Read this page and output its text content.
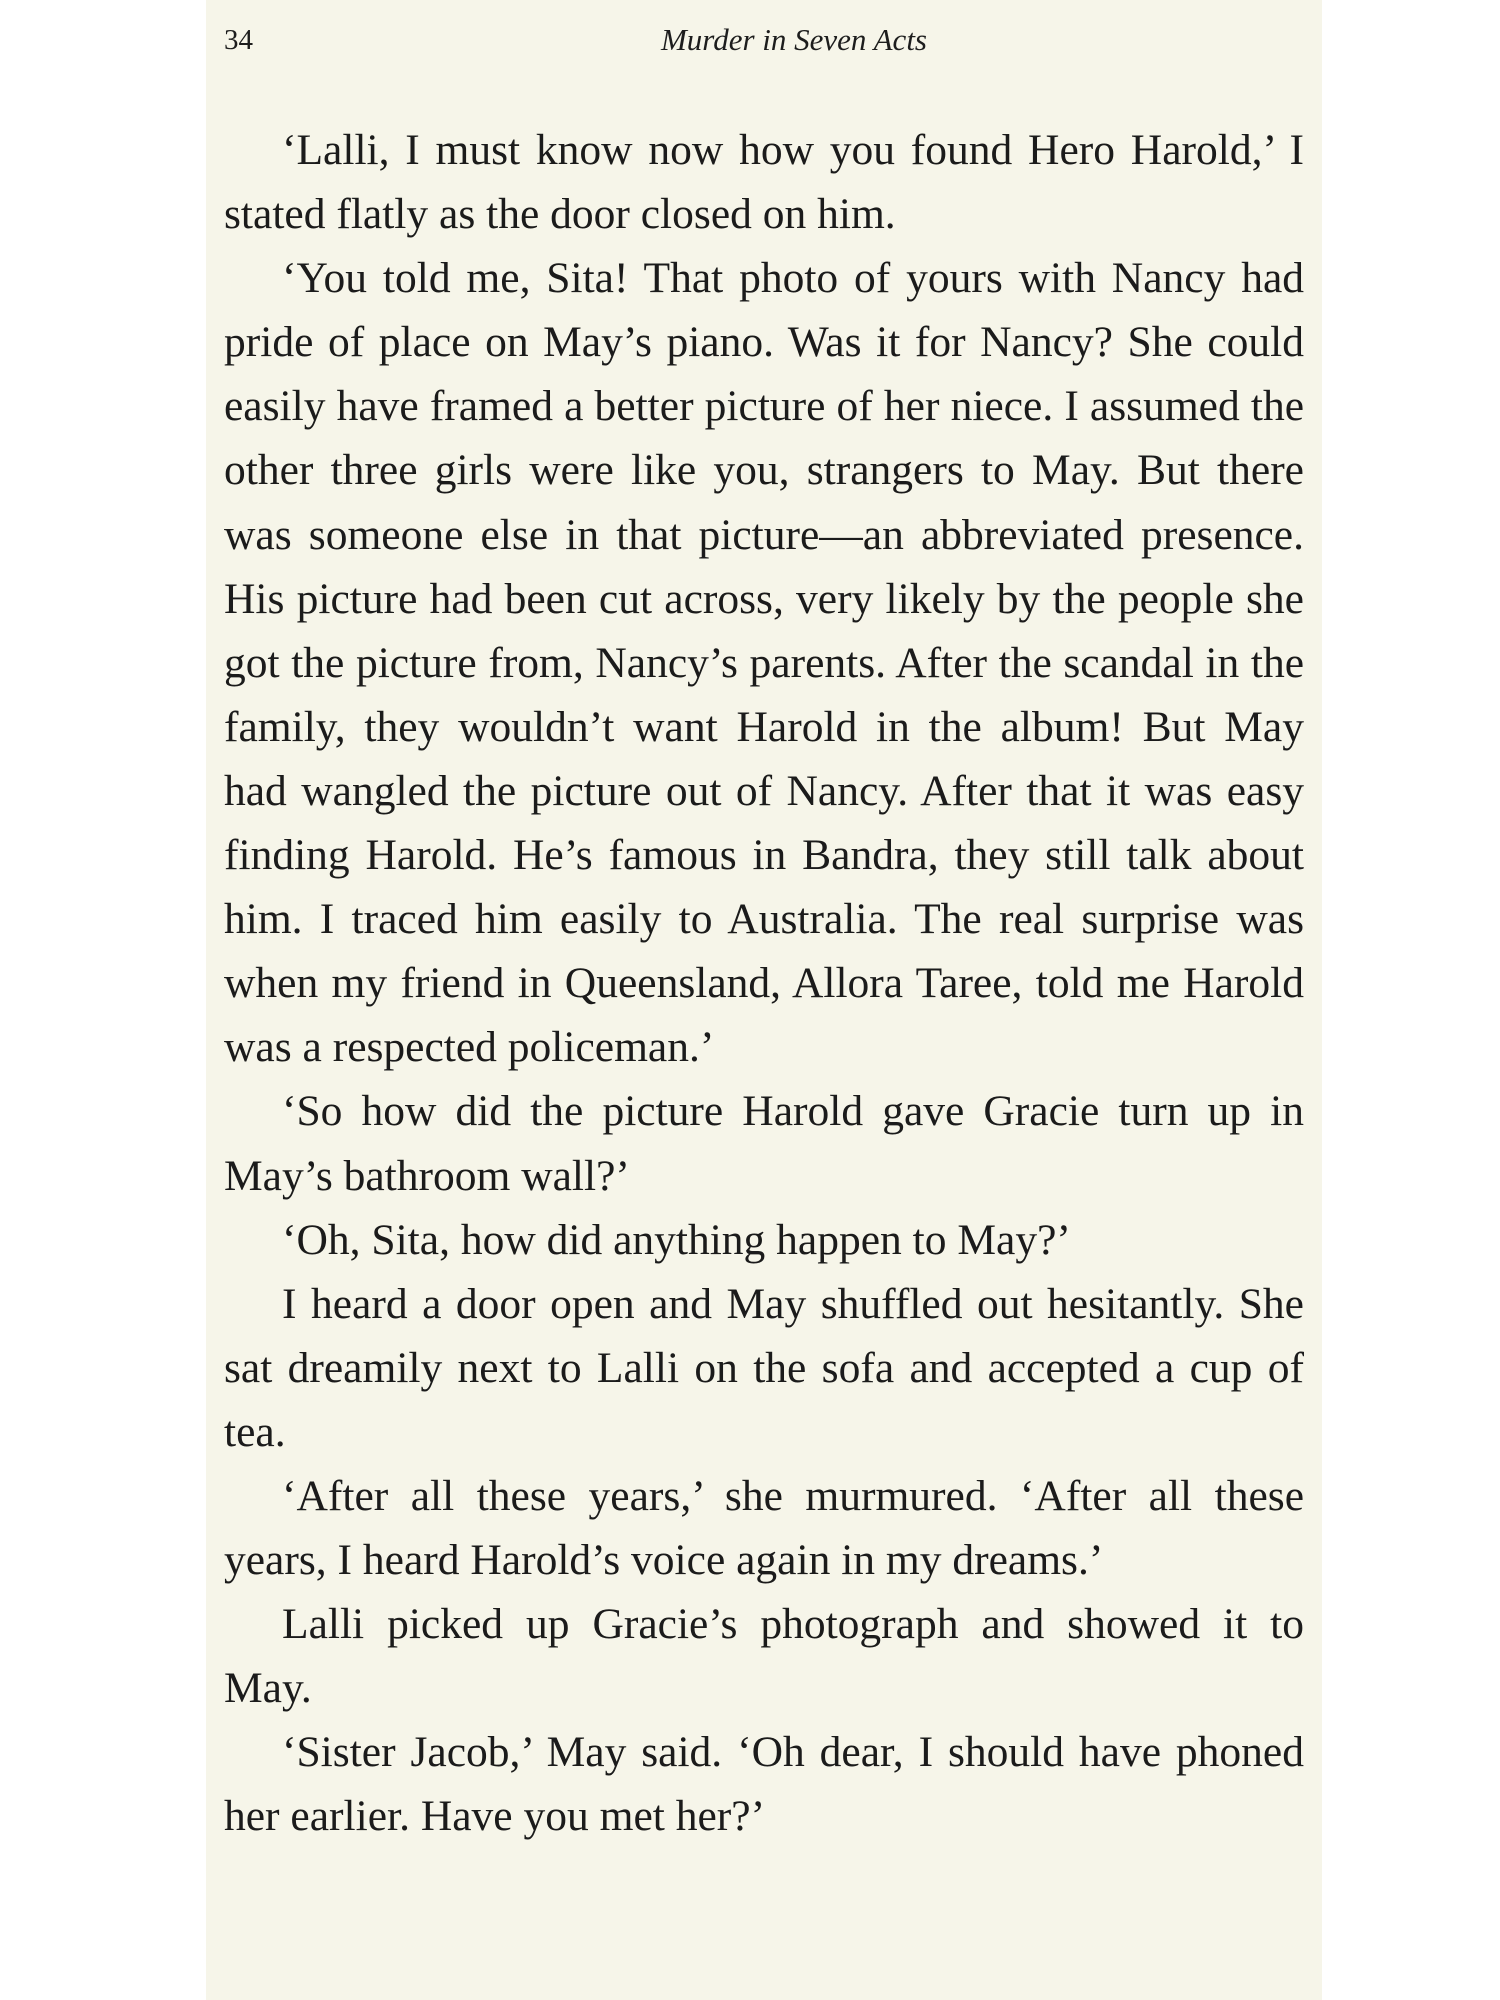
34	Murder in Seven Acts

‘Lalli, I must know now how you found Hero Harold,’ I stated flatly as the door closed on him.

‘You told me, Sita! That photo of yours with Nancy had pride of place on May’s piano. Was it for Nancy? She could easily have framed a better picture of her niece. I assumed the other three girls were like you, strangers to May. But there was someone else in that picture—an abbreviated presence. His picture had been cut across, very likely by the people she got the picture from, Nancy’s parents. After the scandal in the family, they wouldn’t want Harold in the album! But May had wangled the picture out of Nancy. After that it was easy finding Harold. He’s famous in Bandra, they still talk about him. I traced him easily to Australia. The real surprise was when my friend in Queensland, Allora Taree, told me Harold was a respected policeman.’

‘So how did the picture Harold gave Gracie turn up in May’s bathroom wall?’

‘Oh, Sita, how did anything happen to May?’

I heard a door open and May shuffled out hesitantly. She sat dreamily next to Lalli on the sofa and accepted a cup of tea.

‘After all these years,’ she murmured. ‘After all these years, I heard Harold’s voice again in my dreams.’

Lalli picked up Gracie’s photograph and showed it to May.

‘Sister Jacob,’ May said. ‘Oh dear, I should have phoned her earlier. Have you met her?’
